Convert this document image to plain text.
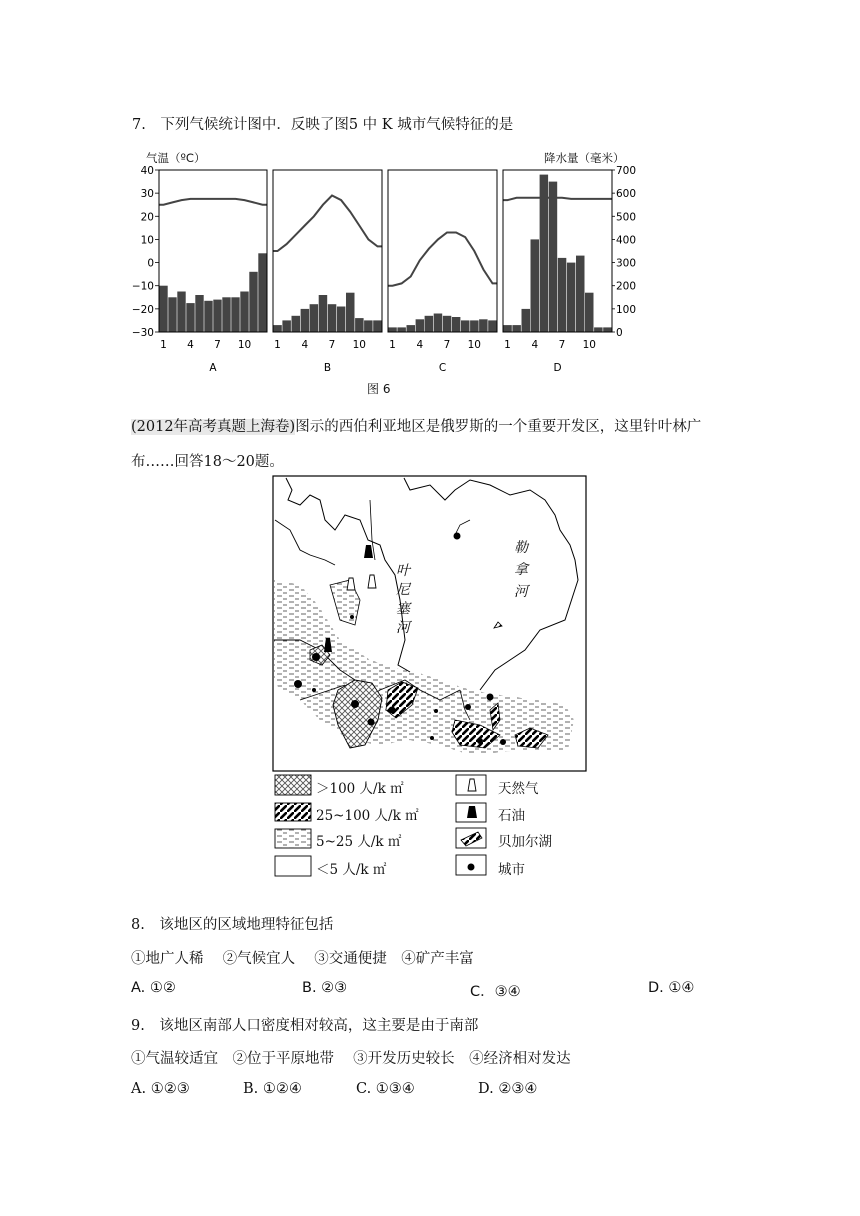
7.　下列气候统计图中．反映了图5 中 K 城市气候特征的是
1 4 7 10
A
1 4 7 10
B
1 4 7 10
C
1 4 7 10
D
40
30
20
10
0
−10
−20
−30
700
600
500
400
300
200
100
0
气温（ºC）	降水量（毫米）
图 6
(2012年高考真题上海卷)图示的西伯利亚地区是俄罗斯的一个重要开发区，这里针叶林广
布……回答18～20题。
叶
尼
塞
河
勒
拿
河
＞100 人/k ㎡
25~100 人/k ㎡
5~25 人/k ㎡
＜5 人/k ㎡
天然气
石油
贝加尔湖
城市
8.　该地区的区域地理特征包括
①地广人稀　 ②气候宜人　 ③交通便捷　④矿产丰富
A. ①②	B. ②③	C．③④	D. ①④
9.　该地区南部人口密度相对较高，这主要是由于南部
①气温较适宜　②位于平原地带　 ③开发历史较长　④经济相对发达
A. ①②③	B. ①②④	C. ①③④	D. ②③④
